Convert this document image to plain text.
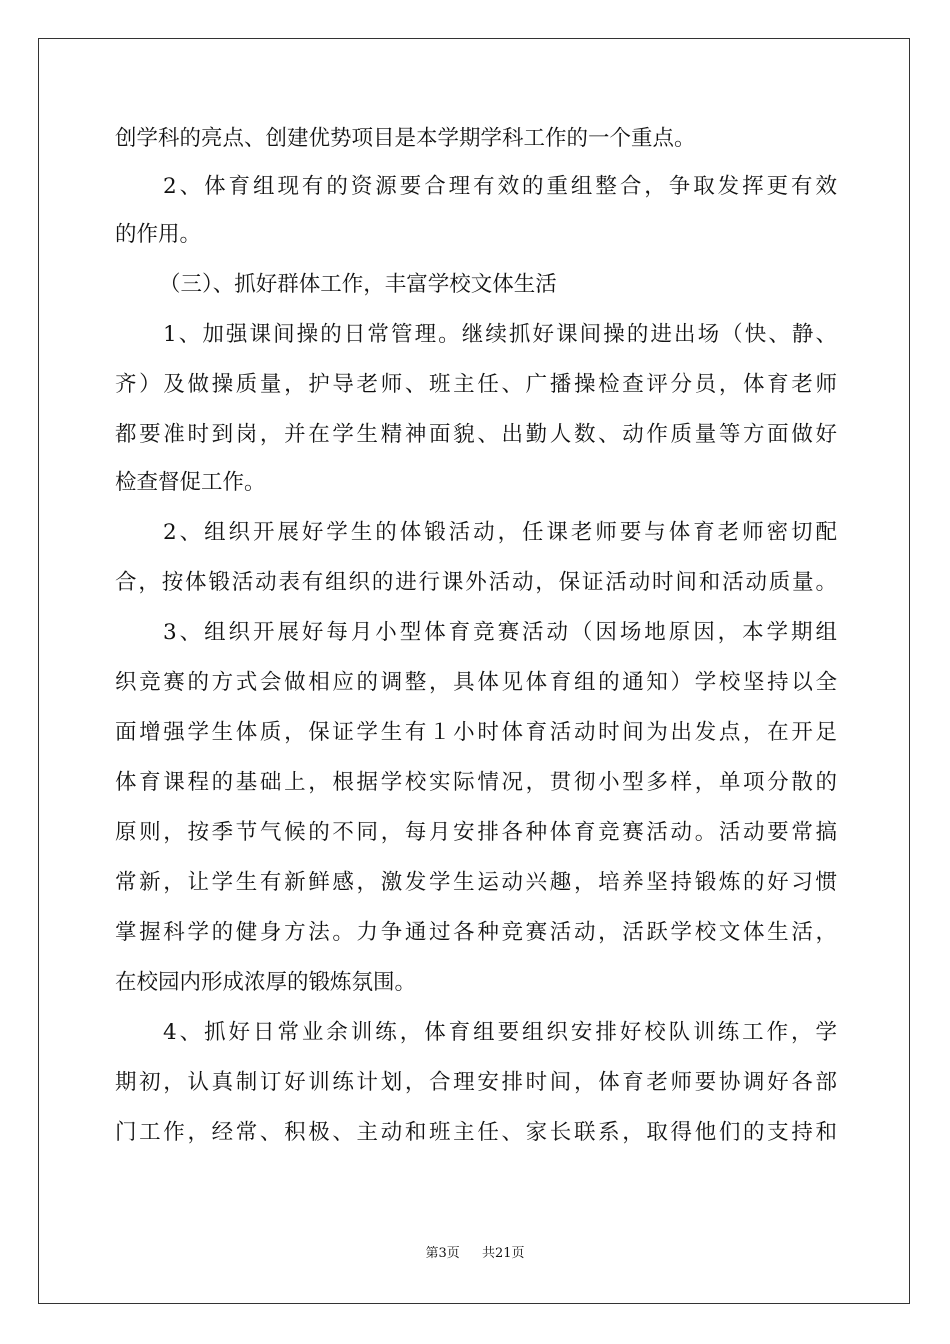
创学科的亮点、创建优势项目是本学期学科工作的一个重点。
2、体育组现有的资源要合理有效的重组整合，争取发挥更有效
的作用。
（三）、抓好群体工作，丰富学校文体生活
1、加强课间操的日常管理。继续抓好课间操的进出场（快、静、
齐）及做操质量，护导老师、班主任、广播操检查评分员，体育老师
都要准时到岗，并在学生精神面貌、出勤人数、动作质量等方面做好
检查督促工作。
2、组织开展好学生的体锻活动，任课老师要与体育老师密切配
合，按体锻活动表有组织的进行课外活动，保证活动时间和活动质量。
3、组织开展好每月小型体育竞赛活动（因场地原因，本学期组
织竞赛的方式会做相应的调整，具体见体育组的通知）学校坚持以全
面增强学生体质，保证学生有１小时体育活动时间为出发点，在开足
体育课程的基础上，根据学校实际情况，贯彻小型多样，单项分散的
原则，按季节气候的不同，每月安排各种体育竞赛活动。活动要常搞
常新，让学生有新鲜感，激发学生运动兴趣，培养坚持锻炼的好习惯
掌握科学的健身方法。力争通过各种竞赛活动，活跃学校文体生活，
在校园内形成浓厚的锻炼氛围。
4、抓好日常业余训练，体育组要组织安排好校队训练工作，学
期初，认真制订好训练计划，合理安排时间，体育老师要协调好各部
门工作，经常、积极、主动和班主任、家长联系，取得他们的支持和
第3页 共21页
